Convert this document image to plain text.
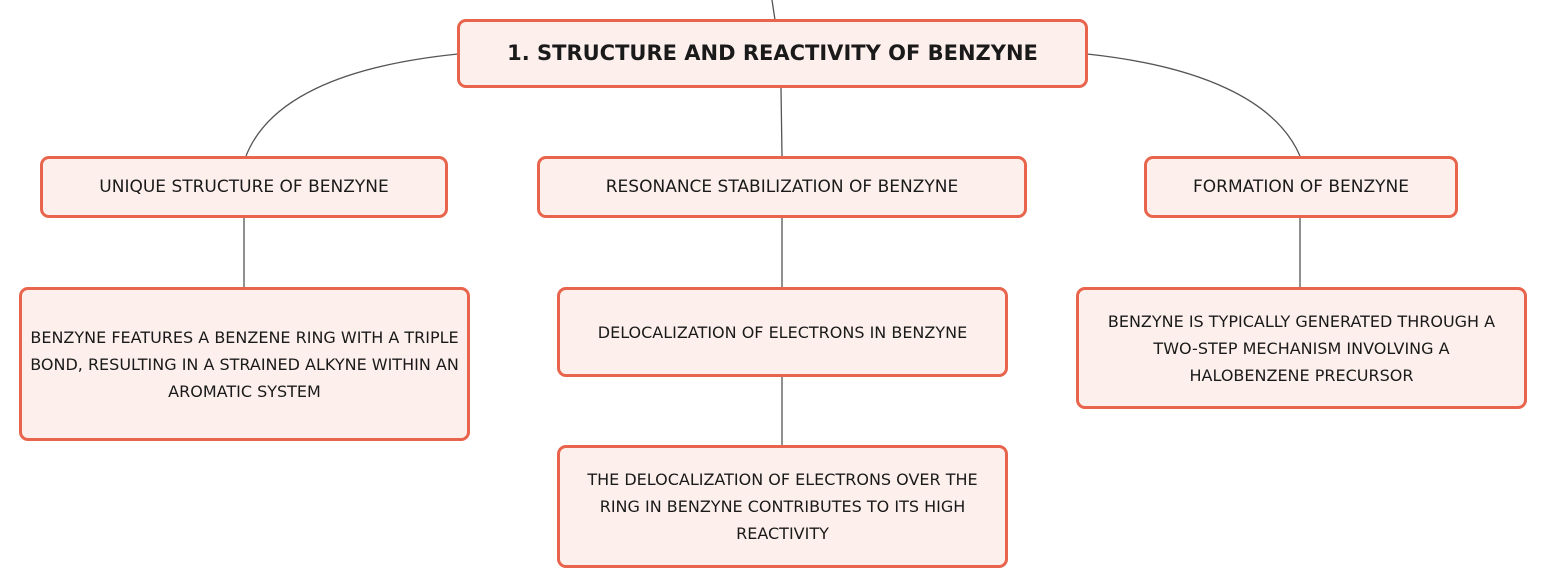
1. STRUCTURE AND REACTIVITY OF BENZYNE
UNIQUE STRUCTURE OF BENZYNE	RESONANCE STABILIZATION OF BENZYNE	FORMATION OF BENZYNE
BENZYNE FEATURES A BENZENE RING WITH A TRIPLE BOND, RESULTING IN A STRAINED ALKYNE WITHIN AN AROMATIC SYSTEM
DELOCALIZATION OF ELECTRONS IN BENZYNE
THE DELOCALIZATION OF ELECTRONS OVER THE RING IN BENZYNE CONTRIBUTES TO ITS HIGH REACTIVITY
BENZYNE IS TYPICALLY GENERATED THROUGH A TWO-STEP MECHANISM INVOLVING A HALOBENZENE PRECURSOR
